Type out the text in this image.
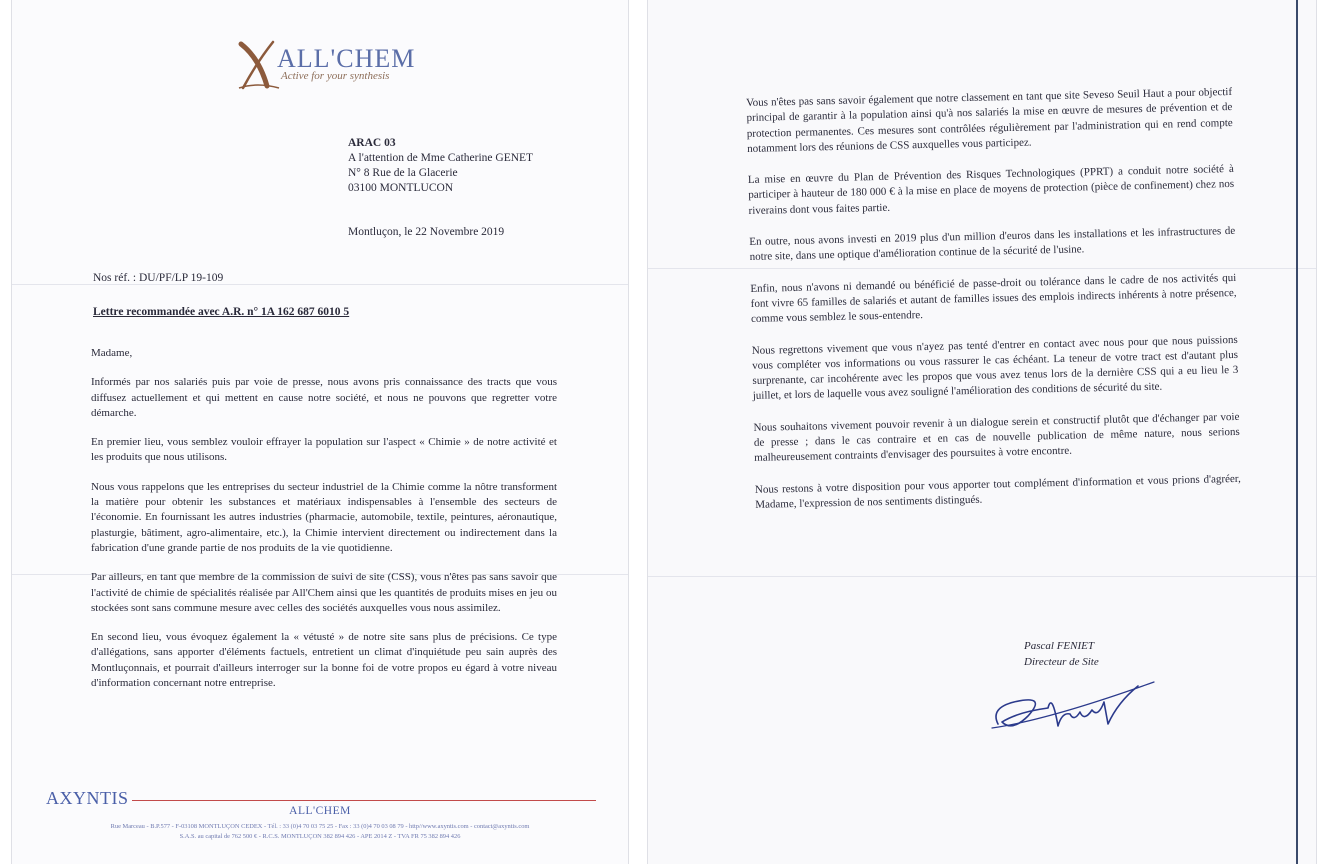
ALL'CHEM
Active for your synthesis
ARAC 03
A l'attention de Mme Catherine GENET
N° 8 Rue de la Glacerie
03100 MONTLUCON
Montluçon, le 22 Novembre 2019
Nos réf. : DU/PF/LP 19-109
Lettre recommandée avec A.R. n° 1A 162 687 6010 5

Madame,

Informés par nos salariés puis par voie de presse, nous avons pris connaissance des tracts que vous diffusez actuellement et qui mettent en cause notre société, et nous ne pouvons que regretter votre démarche.

En premier lieu, vous semblez vouloir effrayer la population sur l'aspect « Chimie » de notre activité et les produits que nous utilisons.

Nous vous rappelons que les entreprises du secteur industriel de la Chimie comme la nôtre transforment la matière pour obtenir les substances et matériaux indispensables à l'ensemble des secteurs de l'économie. En fournissant les autres industries (pharmacie, automobile, textile, peintures, aéronautique, plasturgie, bâtiment, agro-alimentaire, etc.), la Chimie intervient directement ou indirectement dans la fabrication d'une grande partie de nos produits de la vie quotidienne.

Par ailleurs, en tant que membre de la commission de suivi de site (CSS), vous n'êtes pas sans savoir que l'activité de chimie de spécialités réalisée par All'Chem ainsi que les quantités de produits mises en jeu ou stockées sont sans commune mesure avec celles des sociétés auxquelles vous nous assimilez.

En second lieu, vous évoquez également la « vétusté » de notre site sans plus de précisions. Ce type d'allégations, sans apporter d'éléments factuels, entretient un climat d'inquiétude peu sain auprès des Montluçonnais, et pourrait d'ailleurs interroger sur la bonne foi de votre propos eu égard à votre niveau d'information concernant notre entreprise.

AXYNTIS
ALL'CHEM
Rue Marceau - B.P.577 - F-03108 MONTLUÇON CEDEX - Tél. : 33 (0)4 70 03 75 25 - Fax : 33 (0)4 70 03 08 79 - http//www.axyntis.com - contact@axyntis.com
S.A.S. au capital de 762 500 € - R.C.S. MONTLUÇON 382 894 426 - APE 2014 Z - TVA FR 75 382 894 426

Vous n'êtes pas sans savoir également que notre classement en tant que site Seveso Seuil Haut a pour objectif principal de garantir à la population ainsi qu'à nos salariés la mise en œuvre de mesures de prévention et de protection permanentes. Ces mesures sont contrôlées régulièrement par l'administration qui en rend compte notamment lors des réunions de CSS auxquelles vous participez.

La mise en œuvre du Plan de Prévention des Risques Technologiques (PPRT) a conduit notre société à participer à hauteur de 180 000 € à la mise en place de moyens de protection (pièce de confinement) chez nos riverains dont vous faites partie.

En outre, nous avons investi en 2019 plus d'un million d'euros dans les installations et les infrastructures de notre site, dans une optique d'amélioration continue de la sécurité de l'usine.

Enfin, nous n'avons ni demandé ou bénéficié de passe-droit ou tolérance dans le cadre de nos activités qui font vivre 65 familles de salariés et autant de familles issues des emplois indirects inhérents à notre présence, comme vous semblez le sous-entendre.

Nous regrettons vivement que vous n'ayez pas tenté d'entrer en contact avec nous pour que nous puissions vous compléter vos informations ou vous rassurer le cas échéant. La teneur de votre tract est d'autant plus surprenante, car incohérente avec les propos que vous avez tenus lors de la dernière CSS qui a eu lieu le 3 juillet, et lors de laquelle vous avez souligné l'amélioration des conditions de sécurité du site.

Nous souhaitons vivement pouvoir revenir à un dialogue serein et constructif plutôt que d'échanger par voie de presse ; dans le cas contraire et en cas de nouvelle publication de même nature, nous serions malheureusement contraints d'envisager des poursuites à votre encontre.

Nous restons à votre disposition pour vous apporter tout complément d'information et vous prions d'agréer, Madame, l'expression de nos sentiments distingués.

Pascal FENIET
Directeur de Site
